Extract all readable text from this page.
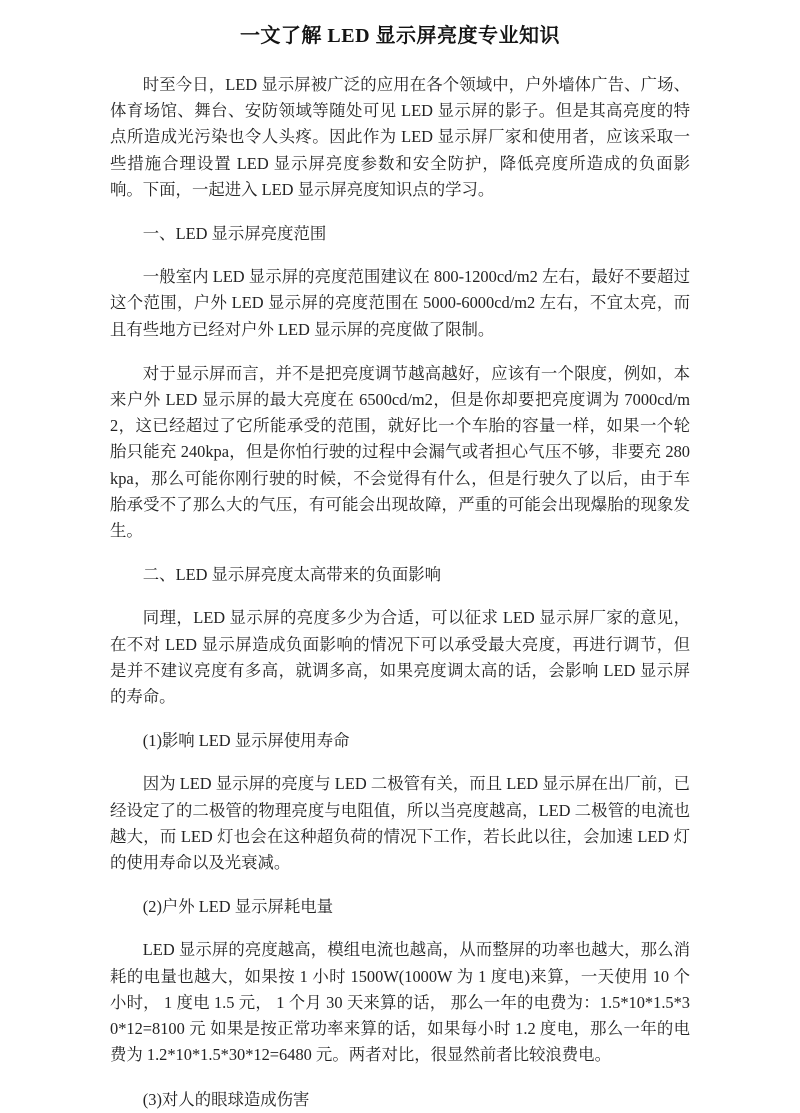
一文了解 LED 显示屏亮度专业知识

时至今日，LED 显示屏被广泛的应用在各个领域中，户外墙体广告、广场、体育场馆、舞台、安防领域等随处可见 LED 显示屏的影子。但是其高亮度的特点所造成光污染也令人头疼。因此作为 LED 显示屏厂家和使用者，应该采取一些措施合理设置 LED 显示屏亮度参数和安全防护，降低亮度所造成的负面影响。下面，一起进入 LED 显示屏亮度知识点的学习。

一、LED 显示屏亮度范围

一般室内 LED 显示屏的亮度范围建议在 800-1200cd/m2 左右，最好不要超过这个范围，户外 LED 显示屏的亮度范围在 5000-6000cd/m2 左右，不宜太亮，而且有些地方已经对户外 LED 显示屏的亮度做了限制。

对于显示屏而言，并不是把亮度调节越高越好，应该有一个限度，例如，本来户外 LED 显示屏的最大亮度在 6500cd/m2，但是你却要把亮度调为 7000cd/m2，这已经超过了它所能承受的范围，就好比一个车胎的容量一样，如果一个轮胎只能充 240kpa，但是你怕行驶的过程中会漏气或者担心气压不够，非要充 280kpa，那么可能你刚行驶的时候，不会觉得有什么，但是行驶久了以后，由于车胎承受不了那么大的气压，有可能会出现故障，严重的可能会出现爆胎的现象发生。

二、LED 显示屏亮度太高带来的负面影响

同理，LED 显示屏的亮度多少为合适，可以征求 LED 显示屏厂家的意见，在不对 LED 显示屏造成负面影响的情况下可以承受最大亮度，再进行调节，但是并不建议亮度有多高，就调多高，如果亮度调太高的话，会影响 LED 显示屏的寿命。

(1)影响 LED 显示屏使用寿命

因为 LED 显示屏的亮度与 LED 二极管有关，而且 LED 显示屏在出厂前，已经设定了的二极管的物理亮度与电阻值，所以当亮度越高，LED 二极管的电流也越大，而 LED 灯也会在这种超负荷的情况下工作，若长此以往，会加速 LED 灯的使用寿命以及光衰减。

(2)户外 LED 显示屏耗电量

LED 显示屏的亮度越高，模组电流也越高，从而整屏的功率也越大，那么消耗的电量也越大，如果按 1 小时 1500W(1000W 为 1 度电)来算，一天使用 10 个小时， 1 度电 1.5 元， 1 个月 30 天来算的话， 那么一年的电费为：1.5*10*1.5*30*12=8100 元 如果是按正常功率来算的话，如果每小时 1.2 度电，那么一年的电费为 1.2*10*1.5*30*12=6480 元。两者对比，很显然前者比较浪费电。

(3)对人的眼球造成伤害
